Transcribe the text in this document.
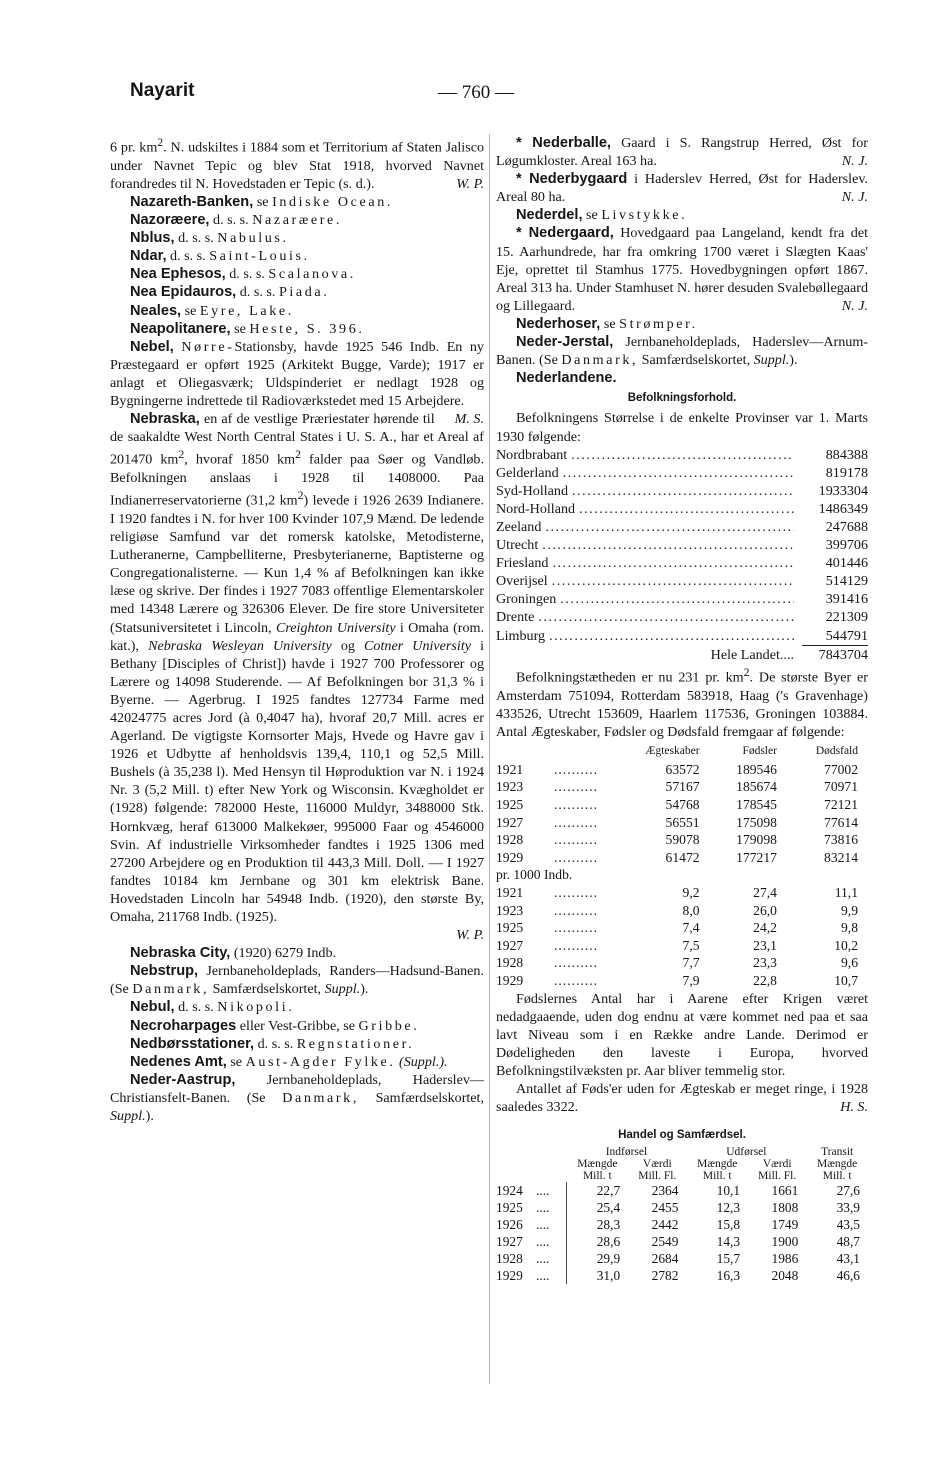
Nayarit	— 760 —

6 pr. $km^2$. N. udskiltes i 1884 som et Territorium af Staten Jalisco under Navnet Tepic og blev Stat 1918, hvorved Navnet forandredes til N. Hovedstaden er Tepic (s. d.).	W. P.

Nazareth-Banken, se Indiske Ocean.

Nazoræere, d. s. s. Nazaræere.

Nblus, d. s. s. Nabulus.

Ndar, d. s. s. Saint-Louis.

Nea Ephesos, d. s. s. Scalanova.

Nea Epidauros, d. s. s. Piada.

Neales, se Eyre, Lake.

Neapolitanere, se Heste, S. 396.

Nebel, Nørre-Stationsby, havde 1925 546 Indb. En ny Præstegaard er opført 1925 (Arkitekt Bugge, Varde); 1917 er anlagt et Oliegasværk; Uldspinderiet er nedlagt 1928 og Bygningerne indrettede til Radioværkstedet med 15 Arbejdere.
M. S.

Nebraska, en af de vestlige Præriestater hørende til de saakaldte West North Central States i U. S. A., har et Areal af 201470 $km^2$, hvoraf 1850 $km^2$ falder paa Søer og Vandløb. Befolkningen anslaas i 1928 til 1408000. Paa Indianerreservatorierne (31,2 $km^2$) levede i 1926 2639 Indianere. I 1920 fandtes i N. for hver 100 Kvinder 107,9 Mænd. De ledende religiøse Samfund var det romersk katolske, Metodisterne, Lutheranerne, Campbelliterne, Presbyterianerne, Baptisterne og Congregationalisterne. — Kun 1,4 % af Befolkningen kan ikke læse og skrive. Der findes i 1927 7083 offentlige Elementarskoler med 14348 Lærere og 326306 Elever. De fire store Universiteter (Statsuniversitetet i Lincoln, Creighton University i Omaha (rom. kat.), Nebraska Wesleyan University og Cotner University i Bethany [Disciples of Christ]) havde i 1927 700 Professorer og Lærere og 14098 Studerende. — Af Befolkningen bor 31,3 % i Byerne. — Agerbrug. I 1925 fandtes 127734 Farme med 42024775 acres Jord (à 0,4047 ha), hvoraf 20,7 Mill. acres er Agerland. De vigtigste Kornsorter Majs, Hvede og Havre gav i 1926 et Udbytte af henholdsvis 139,4, 110,1 og 52,5 Mill. Bushels (à 35,238 l). Med Hensyn til Høproduktion var N. i 1924 Nr. 3 (5,2 Mill. t) efter New York og Wisconsin. Kvægholdet er (1928) følgende: 782000 Heste, 116000 Muldyr, 3488000 Stk. Hornkvæg, heraf 613000 Malkekøer, 995000 Faar og 4546000 Svin. Af industrielle Virksomheder fandtes i 1925 1306 med 27200 Arbejdere og en Produktion til 443,3 Mill. Doll. — I 1927 fandtes 10184 km Jernbane og 301 km elektrisk Bane. Hovedstaden Lincoln har 54948 Indb. (1920), den største By, Omaha, 211768 Indb. (1925).

W. P.

Nebraska City, (1920) 6279 Indb.

Nebstrup, Jernbaneholdeplads, Randers—Hadsund-Banen. (Se Danmark, Samfærdselskortet, Suppl.).

Nebul, d. s. s. Nikopoli.

Necroharpages eller Vest-Gribbe, se Gribbe.

Nedbørsstationer, d. s. s. Regnstationer.

Nedenes Amt, se Aust-Agder Fylke. (Suppl.).

Neder-Aastrup, Jernbaneholdeplads, Haderslev—Christiansfelt-Banen. (Se Danmark, Samfærdselskortet, Suppl.).

* Nederballe, Gaard i S. Rangstrup Herred, Øst for Løgumkloster. Areal 163 ha.	N. J.

* Nederbygaard i Haderslev Herred, Øst for Haderslev. Areal 80 ha.	N. J.

Nederdel, se Livstykke.

* Nedergaard, Hovedgaard paa Langeland, kendt fra det 15. Aarhundrede, har fra omkring 1700 været i Slægten Kaas' Eje, oprettet til Stamhus 1775. Hovedbygningen opført 1867. Areal 313 ha. Under Stamhuset N. hører desuden Svalebøllegaard og Lillegaard.	N. J.

Nederhoser, se Strømper.

Neder-Jerstal, Jernbaneholdeplads, Haderslev—Arnum-Banen. (Se Danmark, Samfærdselskortet, Suppl.).

Nederlandene.

Befolkningsforhold.

Befolkningens Størrelse i de enkelte Provinser var 1. Marts 1930 følgende:

Nordbrabant . . .	884388
Gelderland . . .	819178
Syd-Holland . . .	1933304
Nord-Holland . . .	1486349
Zeeland . . .	247688
Utrecht . . .	399706
Friesland . . .	401446
Overijsel . . .	514129
Groningen . . .	391416
Drente . . .	221309
Limburg . . .	544791
Hele Landet.... 7843704

Befolkningstætheden er nu 231 pr. $km^2$. De største Byer er Amsterdam 751094, Rotterdam 583918, Haag ('s Gravenhage) 433526, Utrecht 153609, Haarlem 117536, Groningen 103884. Antal Ægteskaber, Fødsler og Dødsfald fremgaar af følgende:

		Ægteskaber	Fødsler	Dødsfald
1921	..........	63572	189546	77002
1923	..........	57167	185674	70971
1925	..........	54768	178545	72121
1927	..........	56551	175098	77614
1928	..........	59078	179098	73816
1929	..........	61472	177217	83214
pr. 1000 Indb.				
1921	..........	9,2	27,4	11,1
1923	..........	8,0	26,0	9,9
1925	..........	7,4	24,2	9,8
1927	..........	7,5	23,1	10,2
1928	..........	7,7	23,3	9,6
1929	..........	7,9	22,8	10,7

Fødslernes Antal har i Aarene efter Krigen været nedadgaaende, uden dog endnu at være kommet ned paa et saa lavt Niveau som i en Række andre Lande. Derimod er Dødeligheden den laveste i Europa, hvorved Befolkningstilvæksten pr. Aar bliver temmelig stor.

Antallet af Føds'er uden for Ægteskab er meget ringe, i 1928 saaledes 3322.	H. S.

Handel og Samfærdsel.
		Indførsel		Udførsel		Transit
		Mængde	Værdi	Mængde	Værdi	Mængde
		Mill. t	Mill. Fl.	Mill. t	Mill. Fl.	Mill. t
1924	....	22,7	2364	10,1	1661	27,6
1925	....	25,4	2455	12,3	1808	33,9
1926	....	28,3	2442	15,8	1749	43,5
1927	....	28,6	2549	14,3	1900	48,7
1928	....	29,9	2684	15,7	1986	43,1
1929	....	31,0	2782	16,3	2048	46,6
